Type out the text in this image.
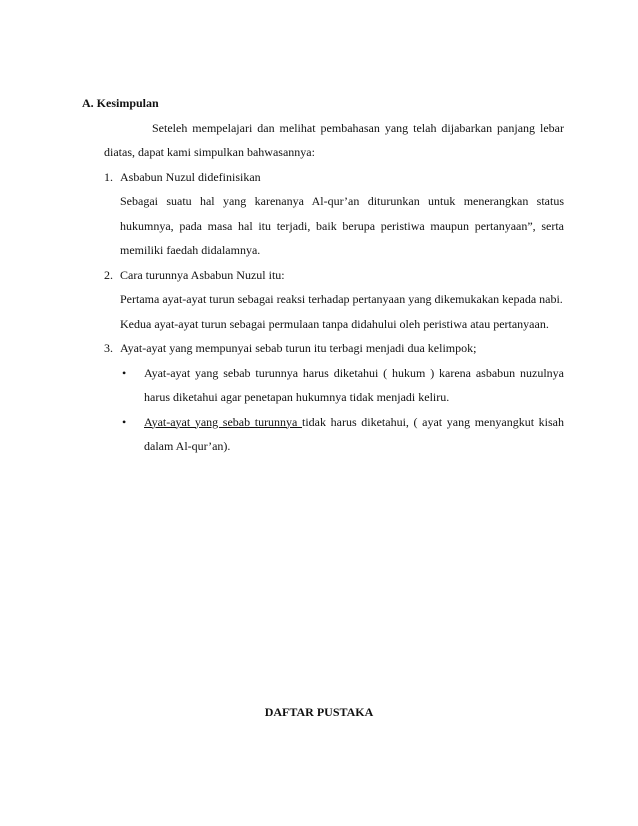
A. Kesimpulan

Seteleh mempelajari dan melihat pembahasan yang telah dijabarkan panjang lebar diatas, dapat kami simpulkan bahwasannya:

1. Asbabun Nuzul didefinisikan

Sebagai suatu hal yang karenanya Al-qur’an diturunkan untuk menerangkan status hukumnya, pada masa hal itu terjadi, baik berupa peristiwa maupun pertanyaan”, serta memiliki faedah didalamnya.

2. Cara turunnya Asbabun Nuzul itu:

Pertama ayat-ayat turun sebagai reaksi terhadap pertanyaan yang dikemukakan kepada nabi.

Kedua ayat-ayat turun sebagai permulaan tanpa didahului oleh peristiwa atau pertanyaan.

3. Ayat-ayat yang mempunyai sebab turun itu terbagi menjadi dua kelimpok;
• Ayat-ayat yang sebab turunnya harus diketahui ( hukum ) karena asbabun nuzulnya harus diketahui agar penetapan hukumnya tidak menjadi keliru.
• Ayat-ayat yang sebab turunnya tidak harus diketahui, ( ayat yang menyangkut kisah dalam Al-qur’an).
DAFTAR PUSTAKA
